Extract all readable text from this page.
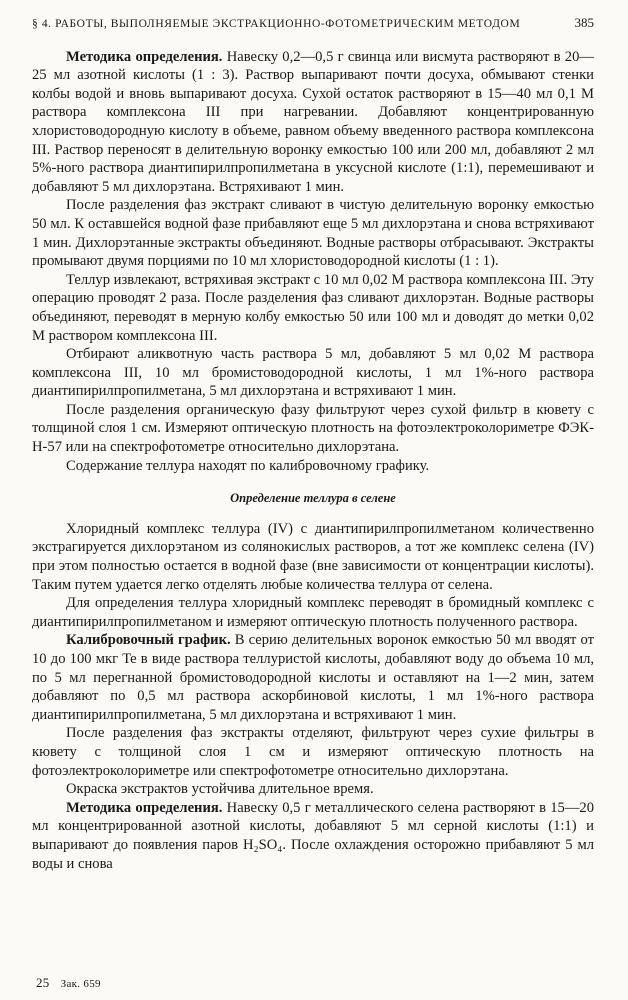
§ 4. РАБОТЫ, ВЫПОЛНЯЕМЫЕ ЭКСТРАКЦИОННО-ФОТОМЕТРИЧЕСКИМ МЕТОДОМ	385

Методика определения. Навеску 0,2—0,5 г свинца или висмута растворяют в 20—25 мл азотной кислоты (1 : 3). Раствор выпаривают почти досуха, обмывают стенки колбы водой и вновь выпаривают досуха. Сухой остаток растворяют в 15—40 мл 0,1 М раствора комплексона III при нагревании. Добавляют концентрированную хлористоводородную кислоту в объеме, равном объему введенного раствора комплексона III. Раствор переносят в делительную воронку емкостью 100 или 200 мл, добавляют 2 мл 5%-ного раствора диантипирилпропилметана в уксусной кислоте (1:1), перемешивают и добавляют 5 мл дихлорэтана. Встряхивают 1 мин.

После разделения фаз экстракт сливают в чистую делительную воронку емкостью 50 мл. К оставшейся водной фазе прибавляют еще 5 мл дихлорэтана и снова встряхивают 1 мин. Дихлорэтанные экстракты объединяют. Водные растворы отбрасывают. Экстракты промывают двумя порциями по 10 мл хлористоводородной кислоты (1 : 1).

Теллур извлекают, встряхивая экстракт с 10 мл 0,02 М раствора комплексона III. Эту операцию проводят 2 раза. После разделения фаз сливают дихлорэтан. Водные растворы объединяют, переводят в мерную колбу емкостью 50 или 100 мл и доводят до метки 0,02 М раствором комплексона III.

Отбирают аликвотную часть раствора 5 мл, добавляют 5 мл 0,02 М раствора комплексона III, 10 мл бромистоводородной кислоты, 1 мл 1%-ного раствора диантипирилпропилметана, 5 мл дихлорэтана и встряхивают 1 мин.

После разделения органическую фазу фильтруют через сухой фильтр в кювету с толщиной слоя 1 см. Измеряют оптическую плотность на фотоэлектроколориметре ФЭК-Н-57 или на спектрофотометре относительно дихлорэтана.

Содержание теллура находят по калибровочному графику.

Определение теллура в селене

Хлоридный комплекс теллура (IV) с диантипирилпропилметаном количественно экстрагируется дихлорэтаном из солянокислых растворов, а тот же комплекс селена (IV) при этом полностью остается в водной фазе (вне зависимости от концентрации кислоты). Таким путем удается легко отделять любые количества теллура от селена.

Для определения теллура хлоридный комплекс переводят в бромидный комплекс с диантипирилпропилметаном и измеряют оптическую плотность полученного раствора.

Калибровочный график. В серию делительных воронок емкостью 50 мл вводят от 10 до 100 мкг Te в виде раствора теллуристой кислоты, добавляют воду до объема 10 мл, по 5 мл перегнанной бромистоводородной кислоты и оставляют на 1—2 мин, затем добавляют по 0,5 мл раствора аскорбиновой кислоты, 1 мл 1%-ного раствора диантипирилпропилметана, 5 мл дихлорэтана и встряхивают 1 мин.

После разделения фаз экстракты отделяют, фильтруют через сухие фильтры в кювету с толщиной слоя 1 см и измеряют оптическую плотность на фотоэлектроколориметре или спектрофотометре относительно дихлорэтана.

Окраска экстрактов устойчива длительное время.

Методика определения. Навеску 0,5 г металлического селена растворяют в 15—20 мл концентрированной азотной кислоты, добавляют 5 мл серной кислоты (1:1) и выпаривают до появления паров H₂SO₄. После охлаждения осторожно прибавляют 5 мл воды и снова

25 Зак. 659
